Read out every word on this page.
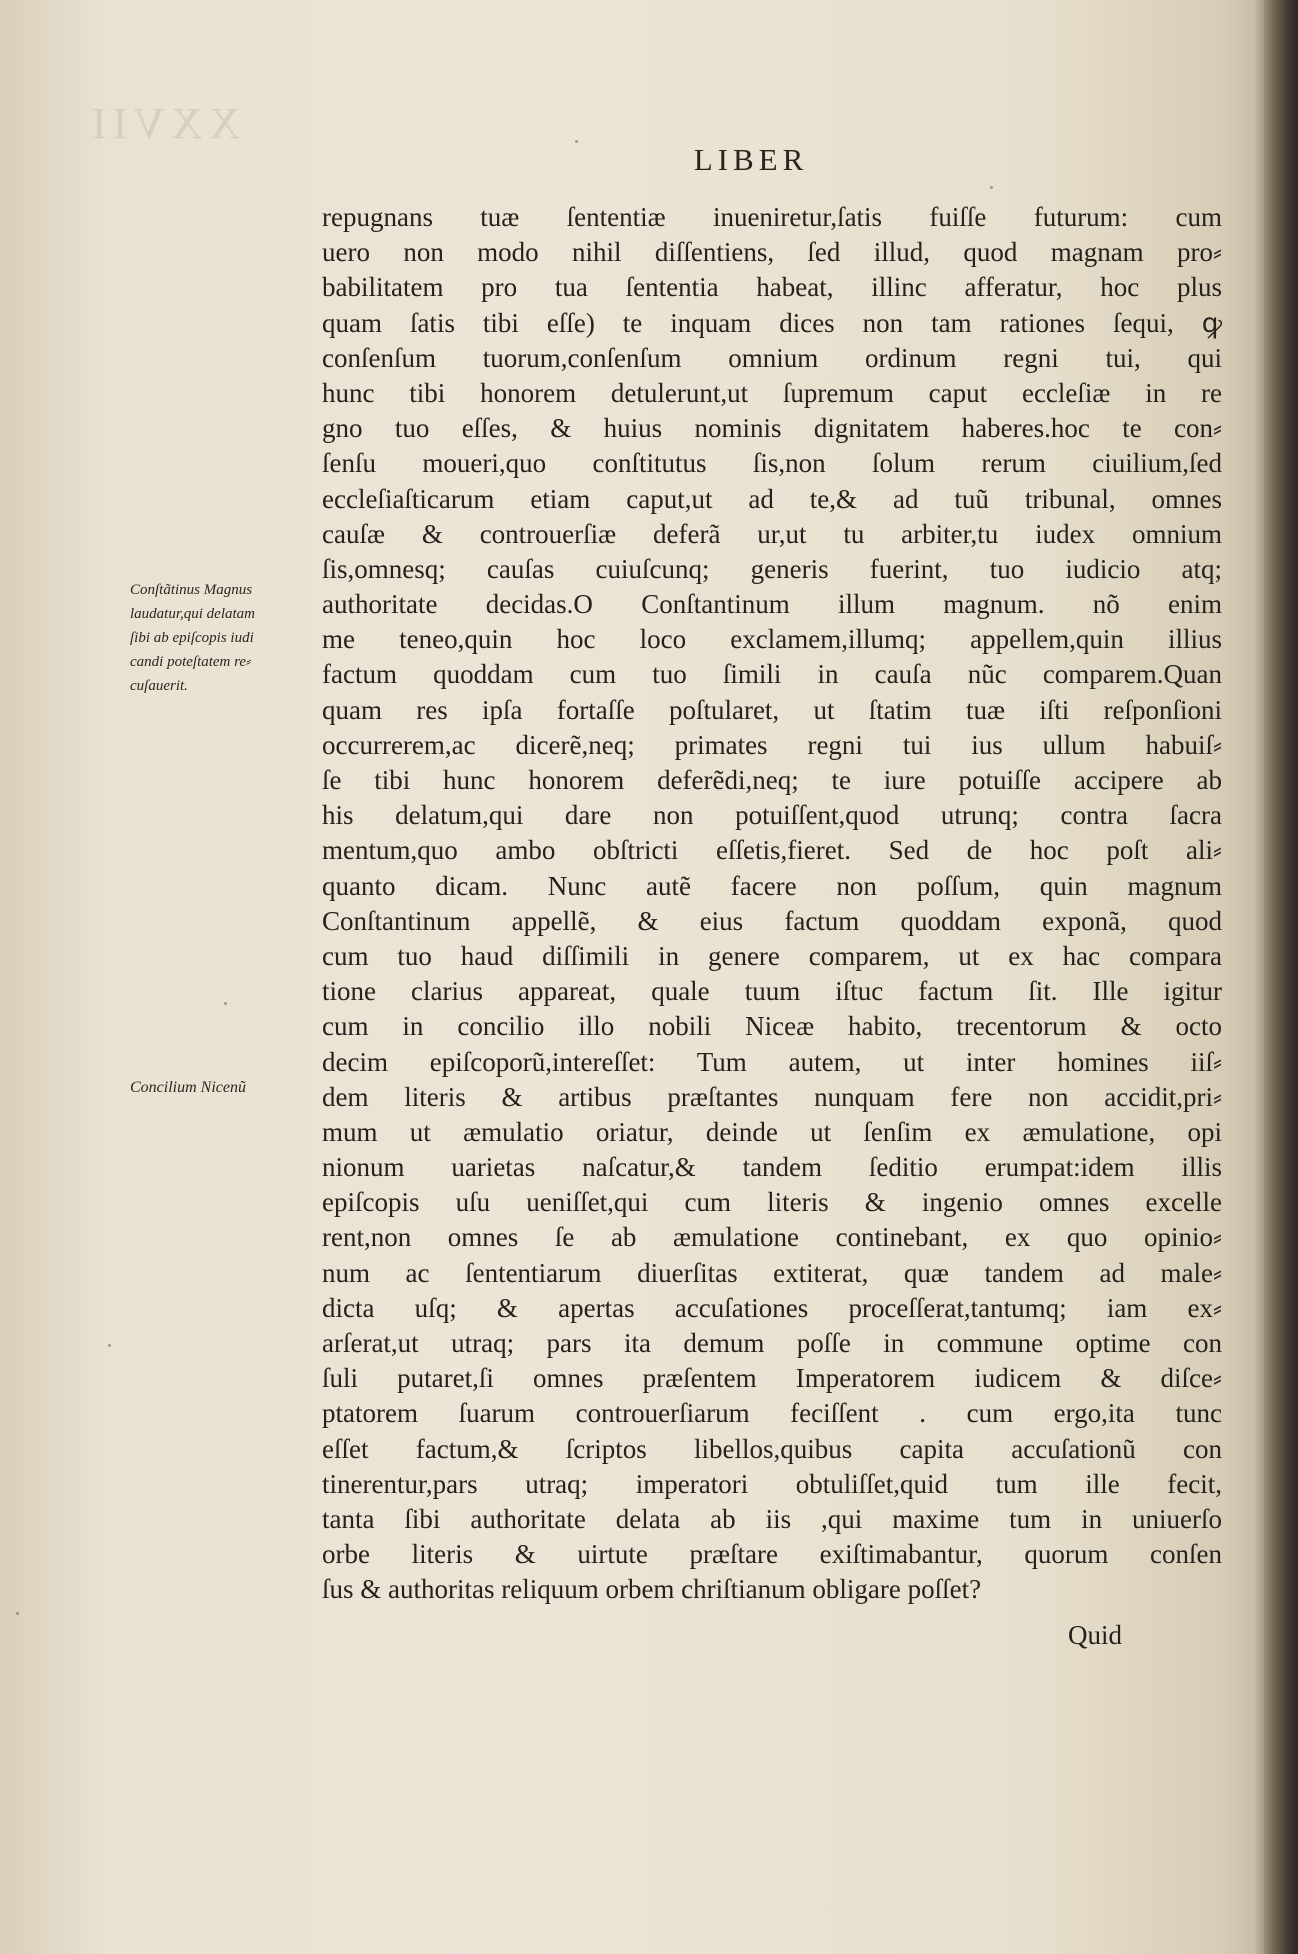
XXVII
LIBER
Conſtãtinus Magnus
laudatur,qui delatam
ſibi ab epiſcopis iudi
candi poteſtatem re⸗
cuſauerit.
Concilium Nicenũ
repugnans tuæ ſententiæ inueniretur,ſatis fuiſſe futurum: cum
uero non modo nihil diſſentiens, ſed illud, quod magnam pro⸗
babilitatem pro tua ſententia habeat, illinc afferatur, hoc plus
quam ſatis tibi eſſe) te inquam dices non tam rationes ſequi, ꝙ
conſenſum tuorum,conſenſum omnium ordinum regni tui, qui
hunc tibi honorem detulerunt,ut ſupremum caput eccleſiæ in re
gno tuo eſſes, & huius nominis dignitatem haberes.hoc te con⸗
ſenſu moueri,quo conſtitutus ſis,non ſolum rerum ciuilium,ſed
eccleſiaſticarum etiam caput,ut ad te,& ad tuũ tribunal, omnes
cauſæ & controuerſiæ deferã ur,ut tu arbiter,tu iudex omnium
ſis,omnesq; cauſas cuiuſcunq; generis fuerint, tuo iudicio atq;
authoritate decidas.O Conſtantinum illum magnum. nõ enim
me teneo,quin hoc loco exclamem,illumq; appellem,quin illius
factum quoddam cum tuo ſimili in cauſa nũc comparem.Quan
quam res ipſa fortaſſe poſtularet, ut ſtatim tuæ iſti reſponſioni
occurrerem,ac dicerẽ,neq; primates regni tui ius ullum habuiſ⸗
ſe tibi hunc honorem deferẽdi,neq; te iure potuiſſe accipere ab
his delatum,qui dare non potuiſſent,quod utrunq; contra ſacra
mentum,quo ambo obſtricti eſſetis,fieret. Sed de hoc poſt ali⸗
quanto dicam. Nunc autẽ facere non poſſum, quin magnum
Conſtantinum appellẽ, & eius factum quoddam exponã, quod
cum tuo haud diſſimili in genere comparem, ut ex hac compara
tione clarius appareat, quale tuum iſtuc factum ſit. Ille igitur
cum in concilio illo nobili Niceæ habito, trecentorum & octo
decim epiſcoporũ,intereſſet: Tum autem, ut inter homines iiſ⸗
dem literis & artibus præſtantes nunquam fere non accidit,pri⸗
mum ut æmulatio oriatur, deinde ut ſenſim ex æmulatione, opi
nionum uarietas naſcatur,& tandem ſeditio erumpat:idem illis
epiſcopis uſu ueniſſet,qui cum literis & ingenio omnes excelle
rent,non omnes ſe ab æmulatione continebant, ex quo opinio⸗
num ac ſententiarum diuerſitas extiterat, quæ tandem ad male⸗
dicta uſq; & apertas accuſationes proceſſerat,tantumq; iam ex⸗
arſerat,ut utraq; pars ita demum poſſe in commune optime con
ſuli putaret,ſi omnes præſentem Imperatorem iudicem & diſce⸗
ptatorem ſuarum controuerſiarum feciſſent . cum ergo,ita tunc
eſſet factum,& ſcriptos libellos,quibus capita accuſationũ con
tinerentur,pars utraq; imperatori obtuliſſet,quid tum ille fecit,
tanta ſibi authoritate delata ab iis ,qui maxime tum in uniuerſo
orbe literis & uirtute præſtare exiſtimabantur, quorum conſen
ſus & authoritas reliquum orbem chriſtianum obligare poſſet?
Quid
